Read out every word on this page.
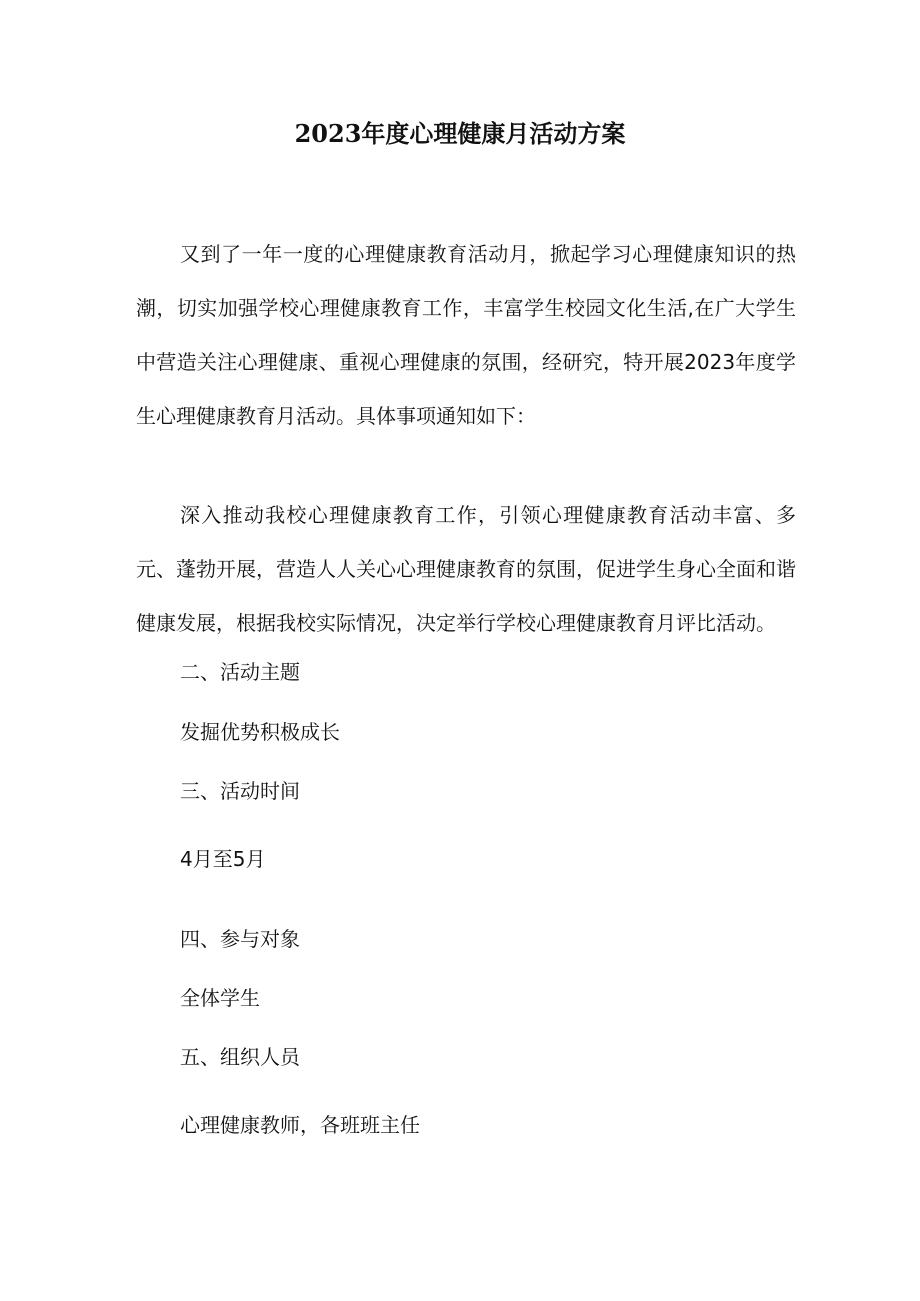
2023年度心理健康月活动方案
又到了一年一度的心理健康教育活动月，掀起学习心理健康知识的热潮，切实加强学校心理健康教育工作，丰富学生校园文化生活,在广大学生中营造关注心理健康、重视心理健康的氛围，经研究，特开展2023年度学生心理健康教育月活动。具体事项通知如下：
深入推动我校心理健康教育工作，引领心理健康教育活动丰富、多元、蓬勃开展，营造人人关心心理健康教育的氛围，促进学生身心全面和谐健康发展，根据我校实际情况，决定举行学校心理健康教育月评比活动。
二、活动主题
发掘优势积极成长
三、活动时间
4月至5月
四、参与对象
全体学生
五、组织人员
心理健康教师，各班班主任
